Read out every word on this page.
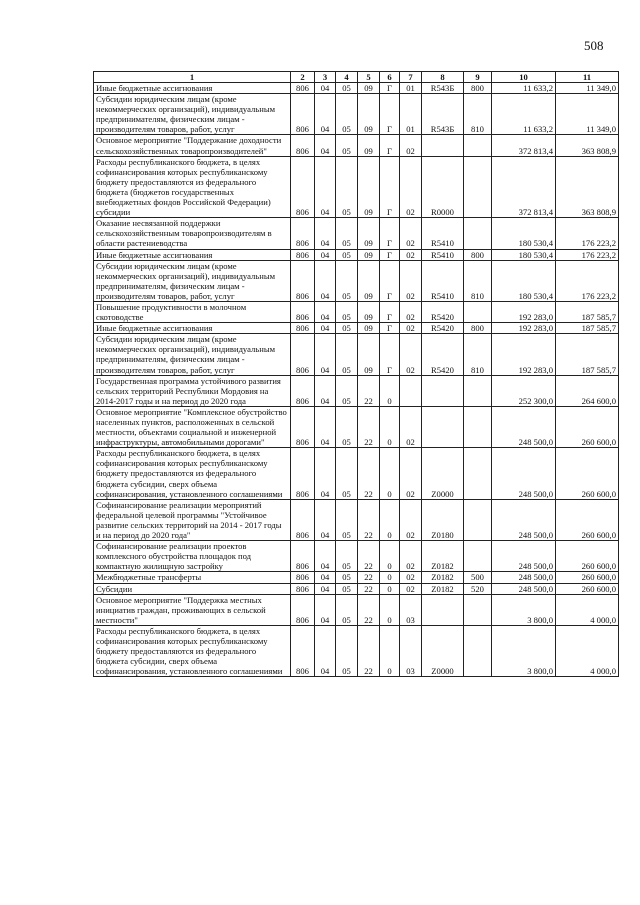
508
1	2	3	4	5	6	7	8	9	10	11
Иные бюджетные ассигнования	806	04	05	09	Г	01	R543Б	800	11 633,2	11 349,0
Субсидии юридическим лицам (кроме некоммерческих организаций), индивидуальным предпринимателям, физическим лицам - производителям товаров, работ, услуг	806	04	05	09	Г	01	R543Б	810	11 633,2	11 349,0
Основное мероприятие "Поддержание доходности сельскохозяйственных товаропроизводителей"	806	04	05	09	Г	02			372 813,4	363 808,9
Расходы республиканского бюджета, в целях софинансирования которых республиканскому бюджету предоставляются из федерального бюджета (бюджетов государственных внебюджетных фондов Российской Федерации) субсидии	806	04	05	09	Г	02	R0000		372 813,4	363 808,9
Оказание несвязанной поддержки сельскохозяйственным товаропроизводителям в области растениеводства	806	04	05	09	Г	02	R5410		180 530,4	176 223,2
Иные бюджетные ассигнования	806	04	05	09	Г	02	R5410	800	180 530,4	176 223,2
Субсидии юридическим лицам (кроме некоммерческих организаций), индивидуальным предпринимателям, физическим лицам - производителям товаров, работ, услуг	806	04	05	09	Г	02	R5410	810	180 530,4	176 223,2
Повышение продуктивности в молочном скотоводстве	806	04	05	09	Г	02	R5420		192 283,0	187 585,7
Иные бюджетные ассигнования	806	04	05	09	Г	02	R5420	800	192 283,0	187 585,7
Субсидии юридическим лицам (кроме некоммерческих организаций), индивидуальным предпринимателям, физическим лицам - производителям товаров, работ, услуг	806	04	05	09	Г	02	R5420	810	192 283,0	187 585,7
Государственная программа устойчивого развития сельских территорий Республики Мордовия на 2014-2017 годы и на период до 2020 года	806	04	05	22	0				252 300,0	264 600,0
Основное мероприятие "Комплексное обустройство населенных пунктов, расположенных в сельской местности, объектами социальной и инженерной инфраструктуры, автомобильными дорогами"	806	04	05	22	0	02			248 500,0	260 600,0
Расходы республиканского бюджета, в целях софинансирования которых республиканскому бюджету предоставляются из федерального бюджета субсидии, сверх объема софинансирования, установленного соглашениями	806	04	05	22	0	02	Z0000		248 500,0	260 600,0
Софинансирование реализации мероприятий федеральной целевой программы "Устойчивое развитие сельских территорий на 2014 - 2017 годы и на период до 2020 года"	806	04	05	22	0	02	Z0180		248 500,0	260 600,0
Софинансирование реализации проектов комплексного обустройства площадок под компактную жилищную застройку	806	04	05	22	0	02	Z0182		248 500,0	260 600,0
Межбюджетные трансферты	806	04	05	22	0	02	Z0182	500	248 500,0	260 600,0
Субсидии	806	04	05	22	0	02	Z0182	520	248 500,0	260 600,0
Основное мероприятие "Поддержка местных инициатив граждан, проживающих в сельской местности"	806	04	05	22	0	03			3 800,0	4 000,0
Расходы республиканского бюджета, в целях софинансирования которых республиканскому бюджету предоставляются из федерального бюджета субсидии, сверх объема софинансирования, установленного соглашениями	806	04	05	22	0	03	Z0000		3 800,0	4 000,0
